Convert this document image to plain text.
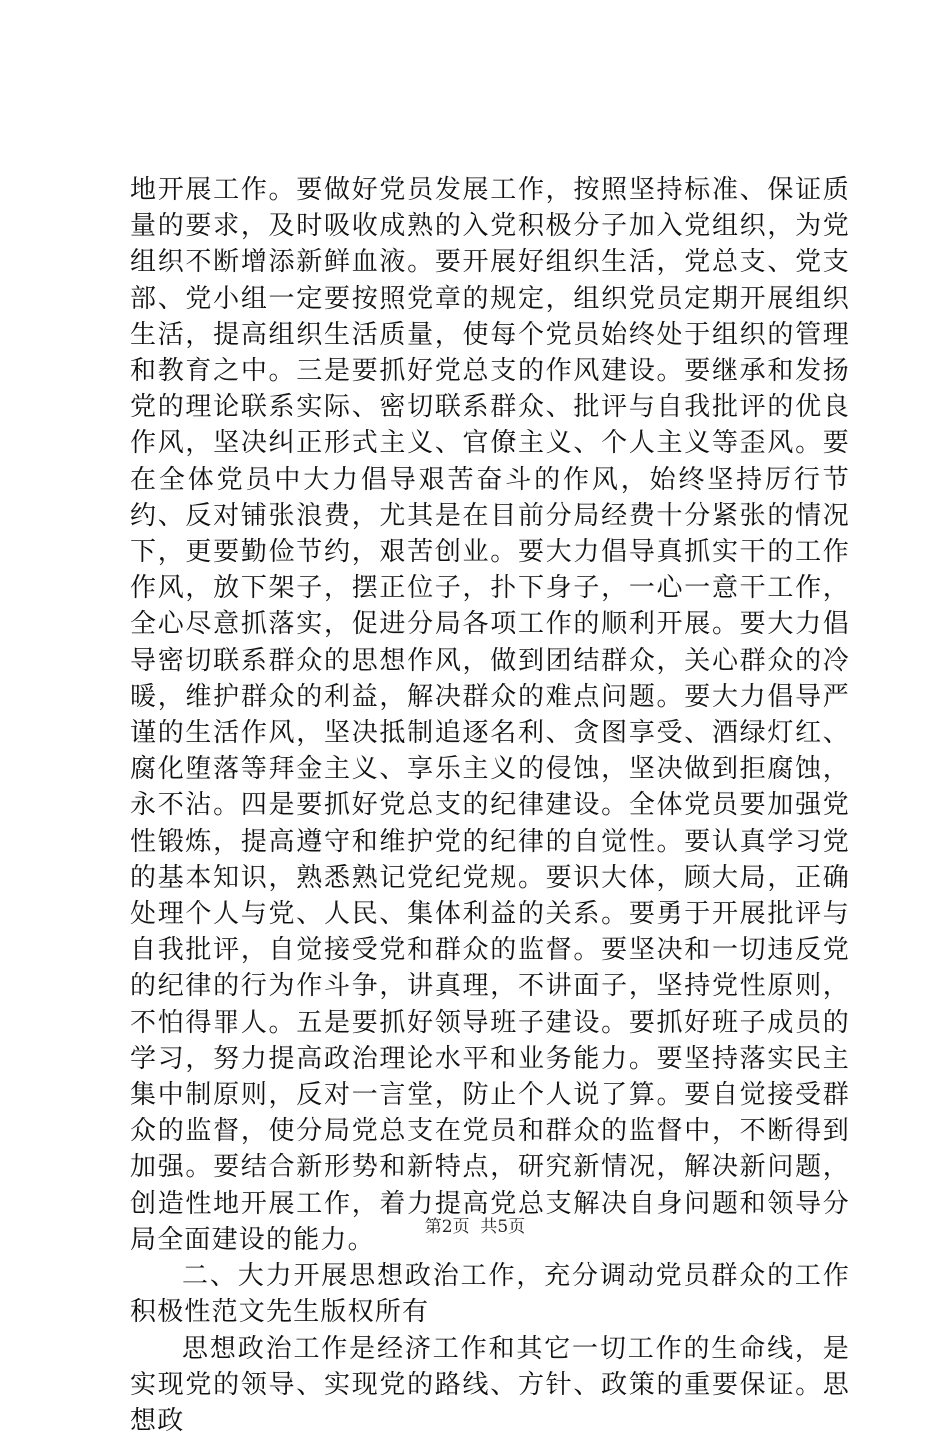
地开展工作。要做好党员发展工作，按照坚持标准、保证质量的要求，及时吸收成熟的入党积极分子加入党组织，为党组织不断增添新鲜血液。要开展好组织生活，党总支、党支部、党小组一定要按照党章的规定，组织党员定期开展组织生活，提高组织生活质量，使每个党员始终处于组织的管理和教育之中。三是要抓好党总支的作风建设。要继承和发扬党的理论联系实际、密切联系群众、批评与自我批评的优良作风，坚决纠正形式主义、官僚主义、个人主义等歪风。要在全体党员中大力倡导艰苦奋斗的作风，始终坚持厉行节约、反对铺张浪费，尤其是在目前分局经费十分紧张的情况下，更要勤俭节约，艰苦创业。要大力倡导真抓实干的工作作风，放下架子，摆正位子，扑下身子，一心一意干工作，全心尽意抓落实，促进分局各项工作的顺利开展。要大力倡导密切联系群众的思想作风，做到团结群众，关心群众的冷暖，维护群众的利益，解决群众的难点问题。要大力倡导严谨的生活作风，坚决抵制追逐名利、贪图享受、酒绿灯红、腐化堕落等拜金主义、享乐主义的侵蚀，坚决做到拒腐蚀，永不沾。四是要抓好党总支的纪律建设。全体党员要加强党性锻炼，提高遵守和维护党的纪律的自觉性。要认真学习党的基本知识，熟悉熟记党纪党规。要识大体，顾大局，正确处理个人与党、人民、集体利益的关系。要勇于开展批评与自我批评，自觉接受党和群众的监督。要坚决和一切违反党的纪律的行为作斗争，讲真理，不讲面子，坚持党性原则，不怕得罪人。五是要抓好领导班子建设。要抓好班子成员的学习，努力提高政治理论水平和业务能力。要坚持落实民主集中制原则，反对一言堂，防止个人说了算。要自觉接受群众的监督，使分局党总支在党员和群众的监督中，不断得到加强。要结合新形势和新特点，研究新情况，解决新问题，创造性地开展工作，着力提高党总支解决自身问题和领导分局全面建设的能力。

二、大力开展思想政治工作，充分调动党员群众的工作积极性范文先生版权所有

思想政治工作是经济工作和其它一切工作的生命线，是实现党的领导、实现党的路线、方针、政策的重要保证。思想政

第2页  共5页
